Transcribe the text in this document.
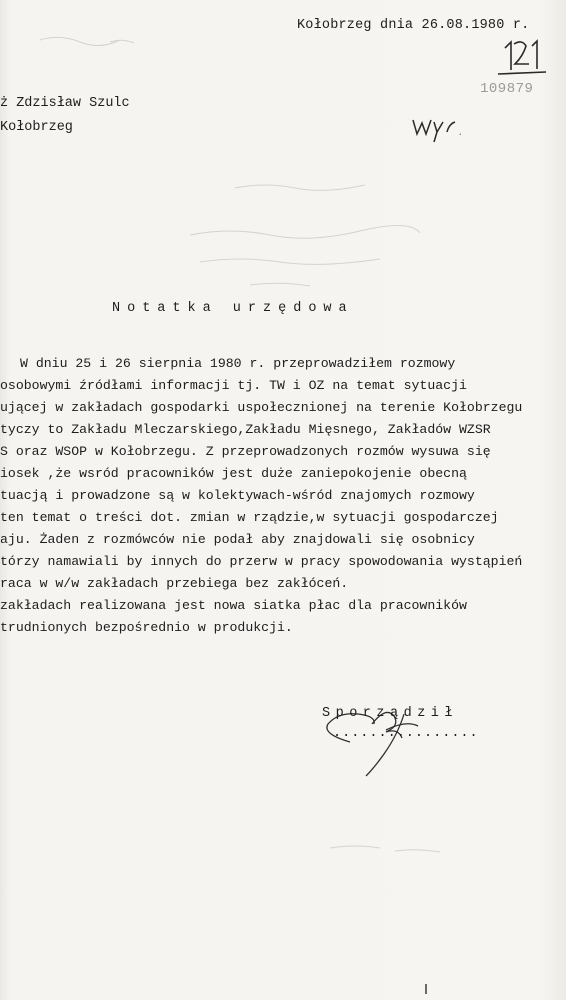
Kołobrzeg dnia 26.08.1980 r.
ż Zdzisław Szulc
Kołobrzeg
109879
Notatka urzędowa
W dniu 25 i 26 sierpnia 1980 r. przeprowadziłem rozmowy
osobowymi źródłami informacji tj. TW i OZ na temat sytuacji
ującej w zakładach gospodarki uspołecznionej na terenie Kołobrzegu
tyczy to Zakładu Mleczarskiego,Zakładu Mięsnego, Zakładów WZSR
S oraz WSOP w Kołobrzegu. Z przeprowadzonych rozmów wysuwa się
iosek ,że wsród pracowników jest duże zaniepokojenie obecną
tuacją i prowadzone są w kolektywach-wśród znajomych rozmowy
ten temat o treści dot. zmian w rządzie,w sytuacji gospodarczej
aju. Żaden z rozmówców nie podał aby znajdowali się osobnicy
tórzy namawiali by innych do przerw w pracy spowodowania wystąpień
raca w w/w zakładach przebiega bez zakłóceń.
zakładach realizowana jest nowa siatka płac dla pracowników
trudnionych bezpośrednio w produkcji.
Sporządził
................
